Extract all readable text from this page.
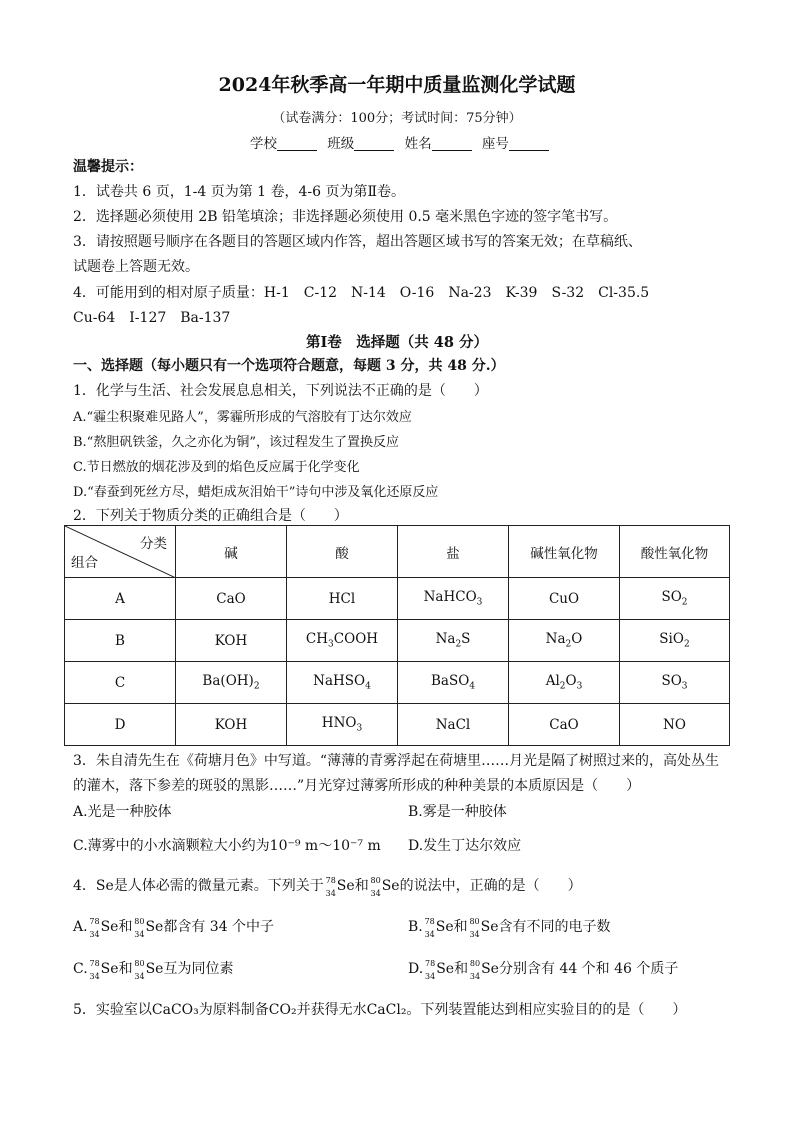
2024年秋季高一年期中质量监测化学试题
（试卷满分：100分；考试时间：75分钟）
学校	班级	姓名	座号
温馨提示：
1．试卷共 6 页，1-4 页为第 1 卷，4-6 页为第Ⅱ卷。
2．选择题必须使用 2B 铅笔填涂；非选择题必须使用 0.5 毫米黑色字迹的签字笔书写。
3．请按照题号顺序在各题目的答题区域内作答，超出答题区域书写的答案无效；在草稿纸、
试题卷上答题无效。
4．可能用到的相对原子质量：H-1　C-12　N-14　O-16　Na-23　K-39　S-32　Cl-35.5
Cu-64　I-127　Ba-137
第Ⅰ卷　选择题（共 48 分）
一、选择题（每小题只有一个选项符合题意，每题 3 分，共 48 分.）
1．化学与生活、社会发展息息相关，下列说法不正确的是（　　）
A.“霾尘积聚难见路人”，雾霾所形成的气溶胶有丁达尔效应
B.“熬胆矾铁釜，久之亦化为铜”，该过程发生了置换反应
C.节日燃放的烟花涉及到的焰色反应属于化学变化
D.“春蚕到死丝方尽，蜡炬成灰泪始干”诗句中涉及氧化还原反应
2．下列关于物质分类的正确组合是（　　）
分类
组合	碱	酸	盐	碱性氧化物	酸性氧化物
A	CaO	HCl	NaHCO$_3$	CuO	$SO_2$
B	KOH	$CH_3COOH$	$Na_2S$	$Na_2O$	SiO$_2$
C	$Ba(OH)_2$	NaHSO$_4$	BaSO$_4$	$Al_2O_3$	$SO_3$
D	KOH	$HNO_3$	NaCl	CaO	NO
3．朱自清先生在《荷塘月色》中写道。“薄薄的青雾浮起在荷塘里……月光是隔了树照过来的，高处丛生
的灌木，落下参差的斑驳的黑影……”月光穿过薄雾所形成的种种美景的本质原因是（　　）
A.光是一种胶体	B.雾是一种胶体
C.薄雾中的小水滴颗粒大小约为10⁻⁹ m～10⁻⁷ m D.发生丁达尔效应
4．Se是人体必需的微量元素。下列关于 78
34 Se和 80
34 Se的说法中，正确的是（　　）
A. 78
34 Se和 80
34 Se都含有 34 个中子	B. 78
34 Se和 80
34 Se含有不同的电子数
C. 78
34 Se和 80
34 Se互为同位素	D. 78
34 Se和 80
34 Se分别含有 44 个和 46 个质子
5．实验室以CaCO₃为原料制备CO₂并获得无水CaCl₂。下列装置能达到相应实验目的的是（　　）
